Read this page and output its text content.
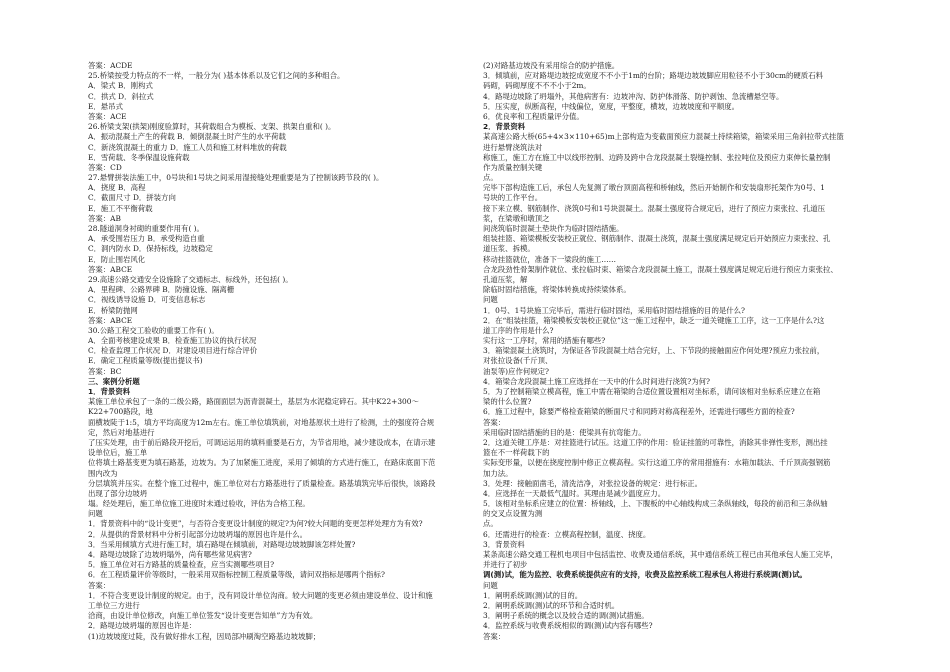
答案：ACDE
25.桥梁按受力特点的不一样，一般分为( )基本体系以及它们之间的多种组合。
A．梁式 B．刚构式
C．拱式 D．斜拉式
E．悬吊式
答案：ACE
26.桥梁支架(拱架)刚度验算时，其荷载组合为模板、支架、拱架自重和( )。
A．振动混凝土产生的荷载 B．倾倒混凝土时产生的水平荷载
C．新浇筑混凝土的重力 D．施工人员和施工材料堆放的荷载
E．雪荷载、冬季保温设施荷载
答案：CD
27.悬臂拼装法施工中，0号块和1号块之间采用湿接缝处理重要是为了控制该跨节段的( )。
A．挠度 B．高程
C．截面尺寸 D．拼装方向
E．施工不平衡荷载
答案：AB
28.隧道洞身衬砌的重要作用有( )。
A．承受围岩压力 B．承受构造自重
C．洞内防水 D．保持标线，边坡稳定
E．防止围岩风化
答案：ABCE
29.高速公路交通安全设施除了交通标志、标线外，还包括( )。
A．里程碑、公路界碑 B．防撞设施、隔离栅
C．视线诱导设施 D．可变信息标志
E．桥梁防抛网
答案：ABCE
30.公路工程交工验收的重要工作有( )。
A．全面考核建设成果 B．检查施工协议的执行状况
C．检查监理工作状况 D．对建设项目进行综合评价
E．确定工程质量等级(提出提议书)
答案：BC
三、案例分析题
1．背景资料
某施工单位承包了一条的二级公路，路面面层为沥青混凝土，基层为水泥稳定碎石。其中K22+300～
K22+700路段，地
面横坡陡于1:5，填方平均高度为12m左右。施工单位填筑前，对地基原状土进行了检测，土的强度符合规
定，然后对地基进行
了压实处理，由于前后路段开挖后，可调运运用的填料重要是石方，为节省用地，减少建设成本，在请示建
设单位后，施工单
位将填土路基变更为填石路基，边坡为。为了加紧施工进度，采用了倾填的方式进行施工，在路床底面下范
围内改为
分层填筑并压实。在整个施工过程中，施工单位对右方路基进行了质量检查。路基填筑完毕后很快，该路段
出现了部分边坡坍
塌。经处理后，施工单位施工进度时未通过验收，评估为合格工程。
问题
1．背景资料中的“设计变更”，与否符合变更设计制度的规定?为何?较大问题的变更怎样处理方为有效?
2．从提供的背景材料中分析引起部分边坡坍塌的原因也许是什么。
3．当采用倾填方式进行施工时，填石路堤在倾填前，对路堤边坡坡脚该怎样处置?
4．路堤边坡除了边坡坍塌外，尚有哪些常见病害?
5．施工单位对石方路基的质量检查，应当实测哪些项目?
6．在工程质量评价等级时，一般采用双指标控制工程质量等级，请问双指标是哪两个指标?
答案：
1．不符合变更设计制度的规定。由于，没有同设计单位沟商。较大问题的变更必须由建设单位、设计和施
工单位三方进行
洽商，由设计单位修改，向施工单位签发“设计变更告知单”方为有效。
2．路堤边坡坍塌的原因也许是：
(1)边坡坡度过陡，没有做好排水工程，因局部冲刷淘空路基边坡坡脚；
(2)对路基边坡没有采用综合的防护措施。
3．倾填前，应对路堤边坡挖成宽度不不小于1m的台阶；路堤边坡坡脚应用粒径不小于30cm的硬质石料
码砌，码砌厚度不不不小于2m。
4．路堤边坡除了坍塌外，其他病害有：边坡冲沟、防护体滑落、防护剥蚀、急流槽悬空等。
5．压实度，纵断高程，中线偏位，宽度，平整度，横坡，边坡坡度和平顺度。
6．优良率和工程质量评分值。
2．背景资料
某高速公路大桥(65+4×3×110+65)m上部构造为变截面预应力混凝土持续箱梁，箱梁采用三角斜拉带式挂篮
进行悬臂浇筑法对
称施工，施工方在施工中以线形控制、边跨及跨中合龙段混凝土裂缝控制、张拉吨位及预应力束伸长量控制
作为质量控制关键
点。
完毕下部构造施工后，承包人先复测了墩台顶面高程和桥轴线，然后开始制作和安装扇形托架作为0号、1
号块的工作平台。
接下来立模、钢筋制作、浇筑0号和1号块混凝土。混凝土强度符合规定后，进行了预应力束张拉、孔道压
浆，在梁墩和墩顶之
间浇筑临时混凝土垫块作为临时固结措施。
组装挂篮、箱梁模板安装校正就位、钢筋制作、混凝土浇筑，混凝土强度满足规定后开始预应力束张拉、孔
道压浆、拆模。
移动挂篮就位，准备下一梁段的施工……
合龙段劲性骨架制作就位、张拉临时束、箱梁合龙段混凝土施工，混凝土强度满足规定后进行预应力束张拉、
孔道压浆，解
除临时固结措施，将梁体转换成持续梁体系。
问题
1．0号、1号块施工完毕后，需进行临时固结，采用临时固结措施的目的是什么?
2．在“组装挂篮，箱梁模板安装校正就位”这一施工过程中，缺乏一道关键施工工序，这一工序是什么?这
道工序的作用是什么?
实行这一工序时，常用的措施有哪些?
3．箱梁混凝土浇筑时，为保证各节段混凝土结合完好，上、下节段的接触面应作何处理?预应力张拉前，
对张拉设备(千斤顶、
油泵等)应作何规定?
4．箱梁合龙段混凝土施工应选择在一天中的什么时间进行浇筑?为何?
5．为了控制箱梁立模高程，施工中需在箱梁的合适位置设置相对坐标系，请问该相对坐标系应建立在箱
梁的什么位置?
6．施工过程中，除要严格检查箱梁的断面尺寸和同跨对称高程差外，还需进行哪些方面的检查?
答案：
采用临时固结措施的目的是：使梁具有抗弯能力。
2．这道关键工序是：对挂篮进行试压。这道工序的作用：验证挂篮的可靠性，消除其非弹性变形，测出挂
篮在不一样荷载下的
实际变形量，以便在挠度控制中修正立模高程。实行这道工序的常用措施有：水箱加载法、千斤顶高强钢筋
加力法。
3．处理：接触面凿毛，清洗洁净，对张拉设备的规定：进行标正。
4．应选择在一天最低气温时。其理由是减少温度应力。
5．该相对坐标系应建立的位置：桥轴线，上、下腹板的中心轴线构成三条纵轴线，每段的前沿和三条纵轴
的交叉点设置为测
点。
6．还需进行的检查：立模高程控制，温度、挠度。
3．背景资料
某条高速公路交通工程机电项目中包括监控、收费及通信系统，其中通信系统工程已由其他承包人施工完毕，
并进行了初步
调(测)试，能为监控、收费系统提供应有的支持，收费及监控系统工程承包人将进行系统调(测)试。
问题
1．阐明系统调(测)试的目的。
2．阐明系统调(测)试的环节和合适时机。
3．阐明子系统的概念以及较合适的调(测)试措施。
4．监控系统与收费系统相似的调(测)试内容有哪些?
答案：
